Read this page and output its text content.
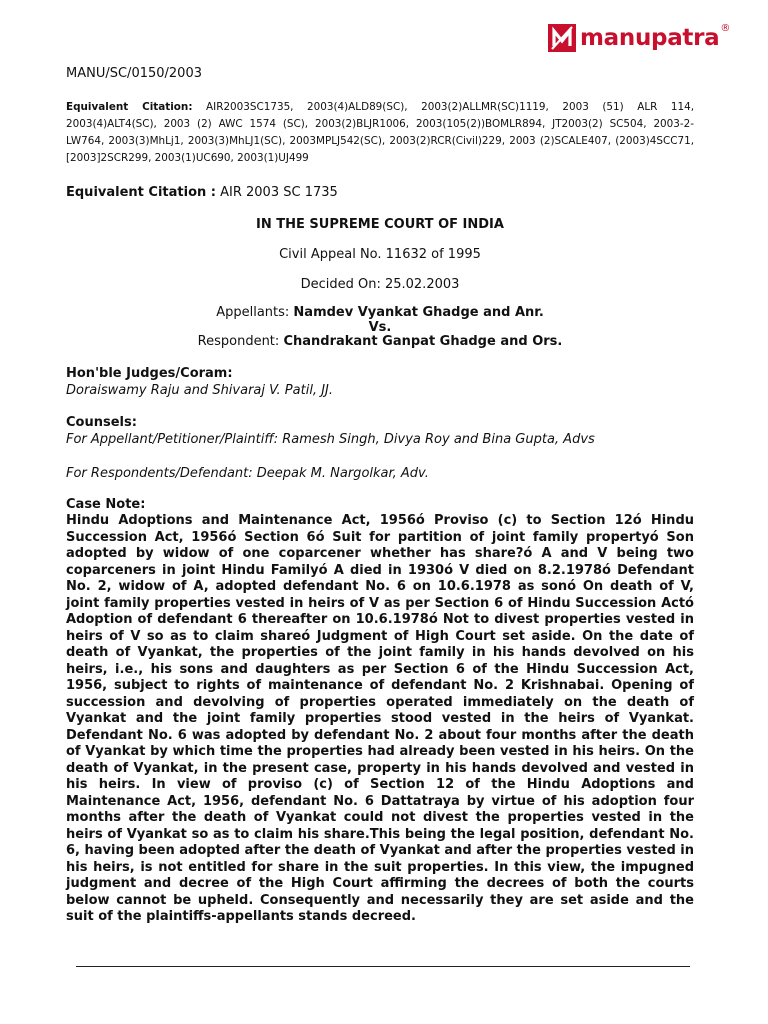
manupatra ®

MANU/SC/0150/2003

Equivalent Citation: AIR2003SC1735, 2003(4)ALD89(SC), 2003(2)ALLMR(SC)1119, 2003 (51) ALR 114, 2003(4)ALT4(SC), 2003 (2) AWC 1574 (SC), 2003(2)BLJR1006, 2003(105(2))BOMLR894, JT2003(2) SC504, 2003-2-LW764, 2003(3)MhLj1, 2003(3)MhLJ1(SC), 2003MPLJ542(SC), 2003(2)RCR(Civil)229, 2003 (2)SCALE407, (2003)4SCC71, [2003]2SCR299, 2003(1)UC690, 2003(1)UJ499
Equivalent Citation : AIR 2003 SC 1735
IN THE SUPREME COURT OF INDIA
Civil Appeal No. 11632 of 1995
Decided On: 25.02.2003
Appellants: Namdev Vyankat Ghadge and Anr.
Vs.
Respondent: Chandrakant Ganpat Ghadge and Ors.
Hon'ble Judges/Coram:
Doraiswamy Raju and Shivaraj V. Patil, JJ.
Counsels:
For Appellant/Petitioner/Plaintiff: Ramesh Singh, Divya Roy and Bina Gupta, Advs
For Respondents/Defendant: Deepak M. Nargolkar, Adv.
Case Note:
Hindu Adoptions and Maintenance Act, 1956ó Proviso (c) to Section 12ó Hindu Succession Act, 1956ó Section 6ó Suit for partition of joint family propertyó Son adopted by widow of one coparcener whether has share?ó A and V being two coparceners in joint Hindu Familyó A died in 1930ó V died on 8.2.1978ó Defendant No. 2, widow of A, adopted defendant No. 6 on 10.6.1978 as sonó On death of V, joint family properties vested in heirs of V as per Section 6 of Hindu Succession Actó Adoption of defendant 6 thereafter on 10.6.1978ó Not to divest properties vested in heirs of V so as to claim shareó Judgment of High Court set aside. On the date of death of Vyankat, the properties of the joint family in his hands devolved on his heirs, i.e., his sons and daughters as per Section 6 of the Hindu Succession Act, 1956, subject to rights of maintenance of defendant No. 2 Krishnabai. Opening of succession and devolving of properties operated immediately on the death of Vyankat and the joint family properties stood vested in the heirs of Vyankat. Defendant No. 6 was adopted by defendant No. 2 about four months after the death of Vyankat by which time the properties had already been vested in his heirs. On the death of Vyankat, in the present case, property in his hands devolved and vested in his heirs. In view of proviso (c) of Section 12 of the Hindu Adoptions and Maintenance Act, 1956, defendant No. 6 Dattatraya by virtue of his adoption four months after the death of Vyankat could not divest the properties vested in the heirs of Vyankat so as to claim his share.This being the legal position, defendant No. 6, having been adopted after the death of Vyankat and after the properties vested in his heirs, is not entitled for share in the suit properties. In this view, the impugned judgment and decree of the High Court affirming the decrees of both the courts below cannot be upheld. Consequently and necessarily they are set aside and the suit of the plaintiffs-appellants stands decreed.
